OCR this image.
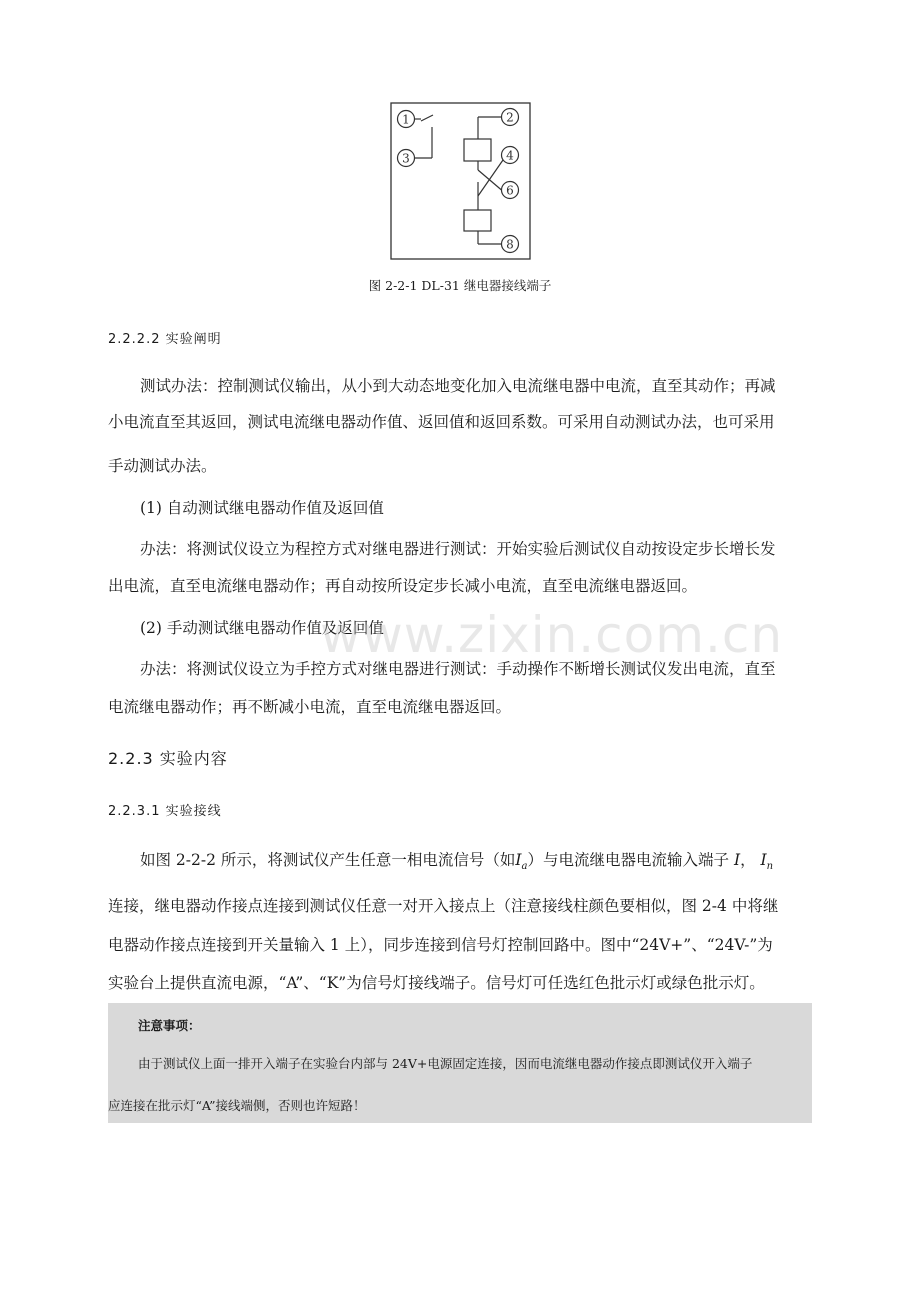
1
3
2
4
6
8
图 2-2-1 DL-31 继电器接线端子
2.2.2.2 实验阐明
测试办法：控制测试仪输出，从小到大动态地变化加入电流继电器中电流，直至其动作；再减
小电流直至其返回，测试电流继电器动作值、返回值和返回系数。可采用自动测试办法，也可采用
手动测试办法。
(1) 自动测试继电器动作值及返回值
办法：将测试仪设立为程控方式对继电器进行测试：开始实验后测试仪自动按设定步长增长发
出电流，直至电流继电器动作；再自动按所设定步长减小电流，直至电流继电器返回。
(2) 手动测试继电器动作值及返回值
办法：将测试仪设立为手控方式对继电器进行测试：手动操作不断增长测试仪发出电流，直至
电流继电器动作；再不断减小电流，直至电流继电器返回。
2.2.3 实验内容
2.2.3.1 实验接线
如图 2-2-2 所示，将测试仪产生任意一相电流信号（如$I_a$）与电流继电器电流输入端子 I， $I_n$
连接，继电器动作接点连接到测试仪任意一对开入接点上（注意接线柱颜色要相似，图 2-4 中将继
电器动作接点连接到开关量输入 1 上），同步连接到信号灯控制回路中。图中“24V+”、“24V-”为
实验台上提供直流电源，“A”、“K”为信号灯接线端子。信号灯可任选红色批示灯或绿色批示灯。
注意事项：
由于测试仪上面一排开入端子在实验台内部与 24V+电源固定连接，因而电流继电器动作接点即测试仪开入端子
应连接在批示灯“A”接线端侧，否则也许短路！
www.zixin.com.cn
